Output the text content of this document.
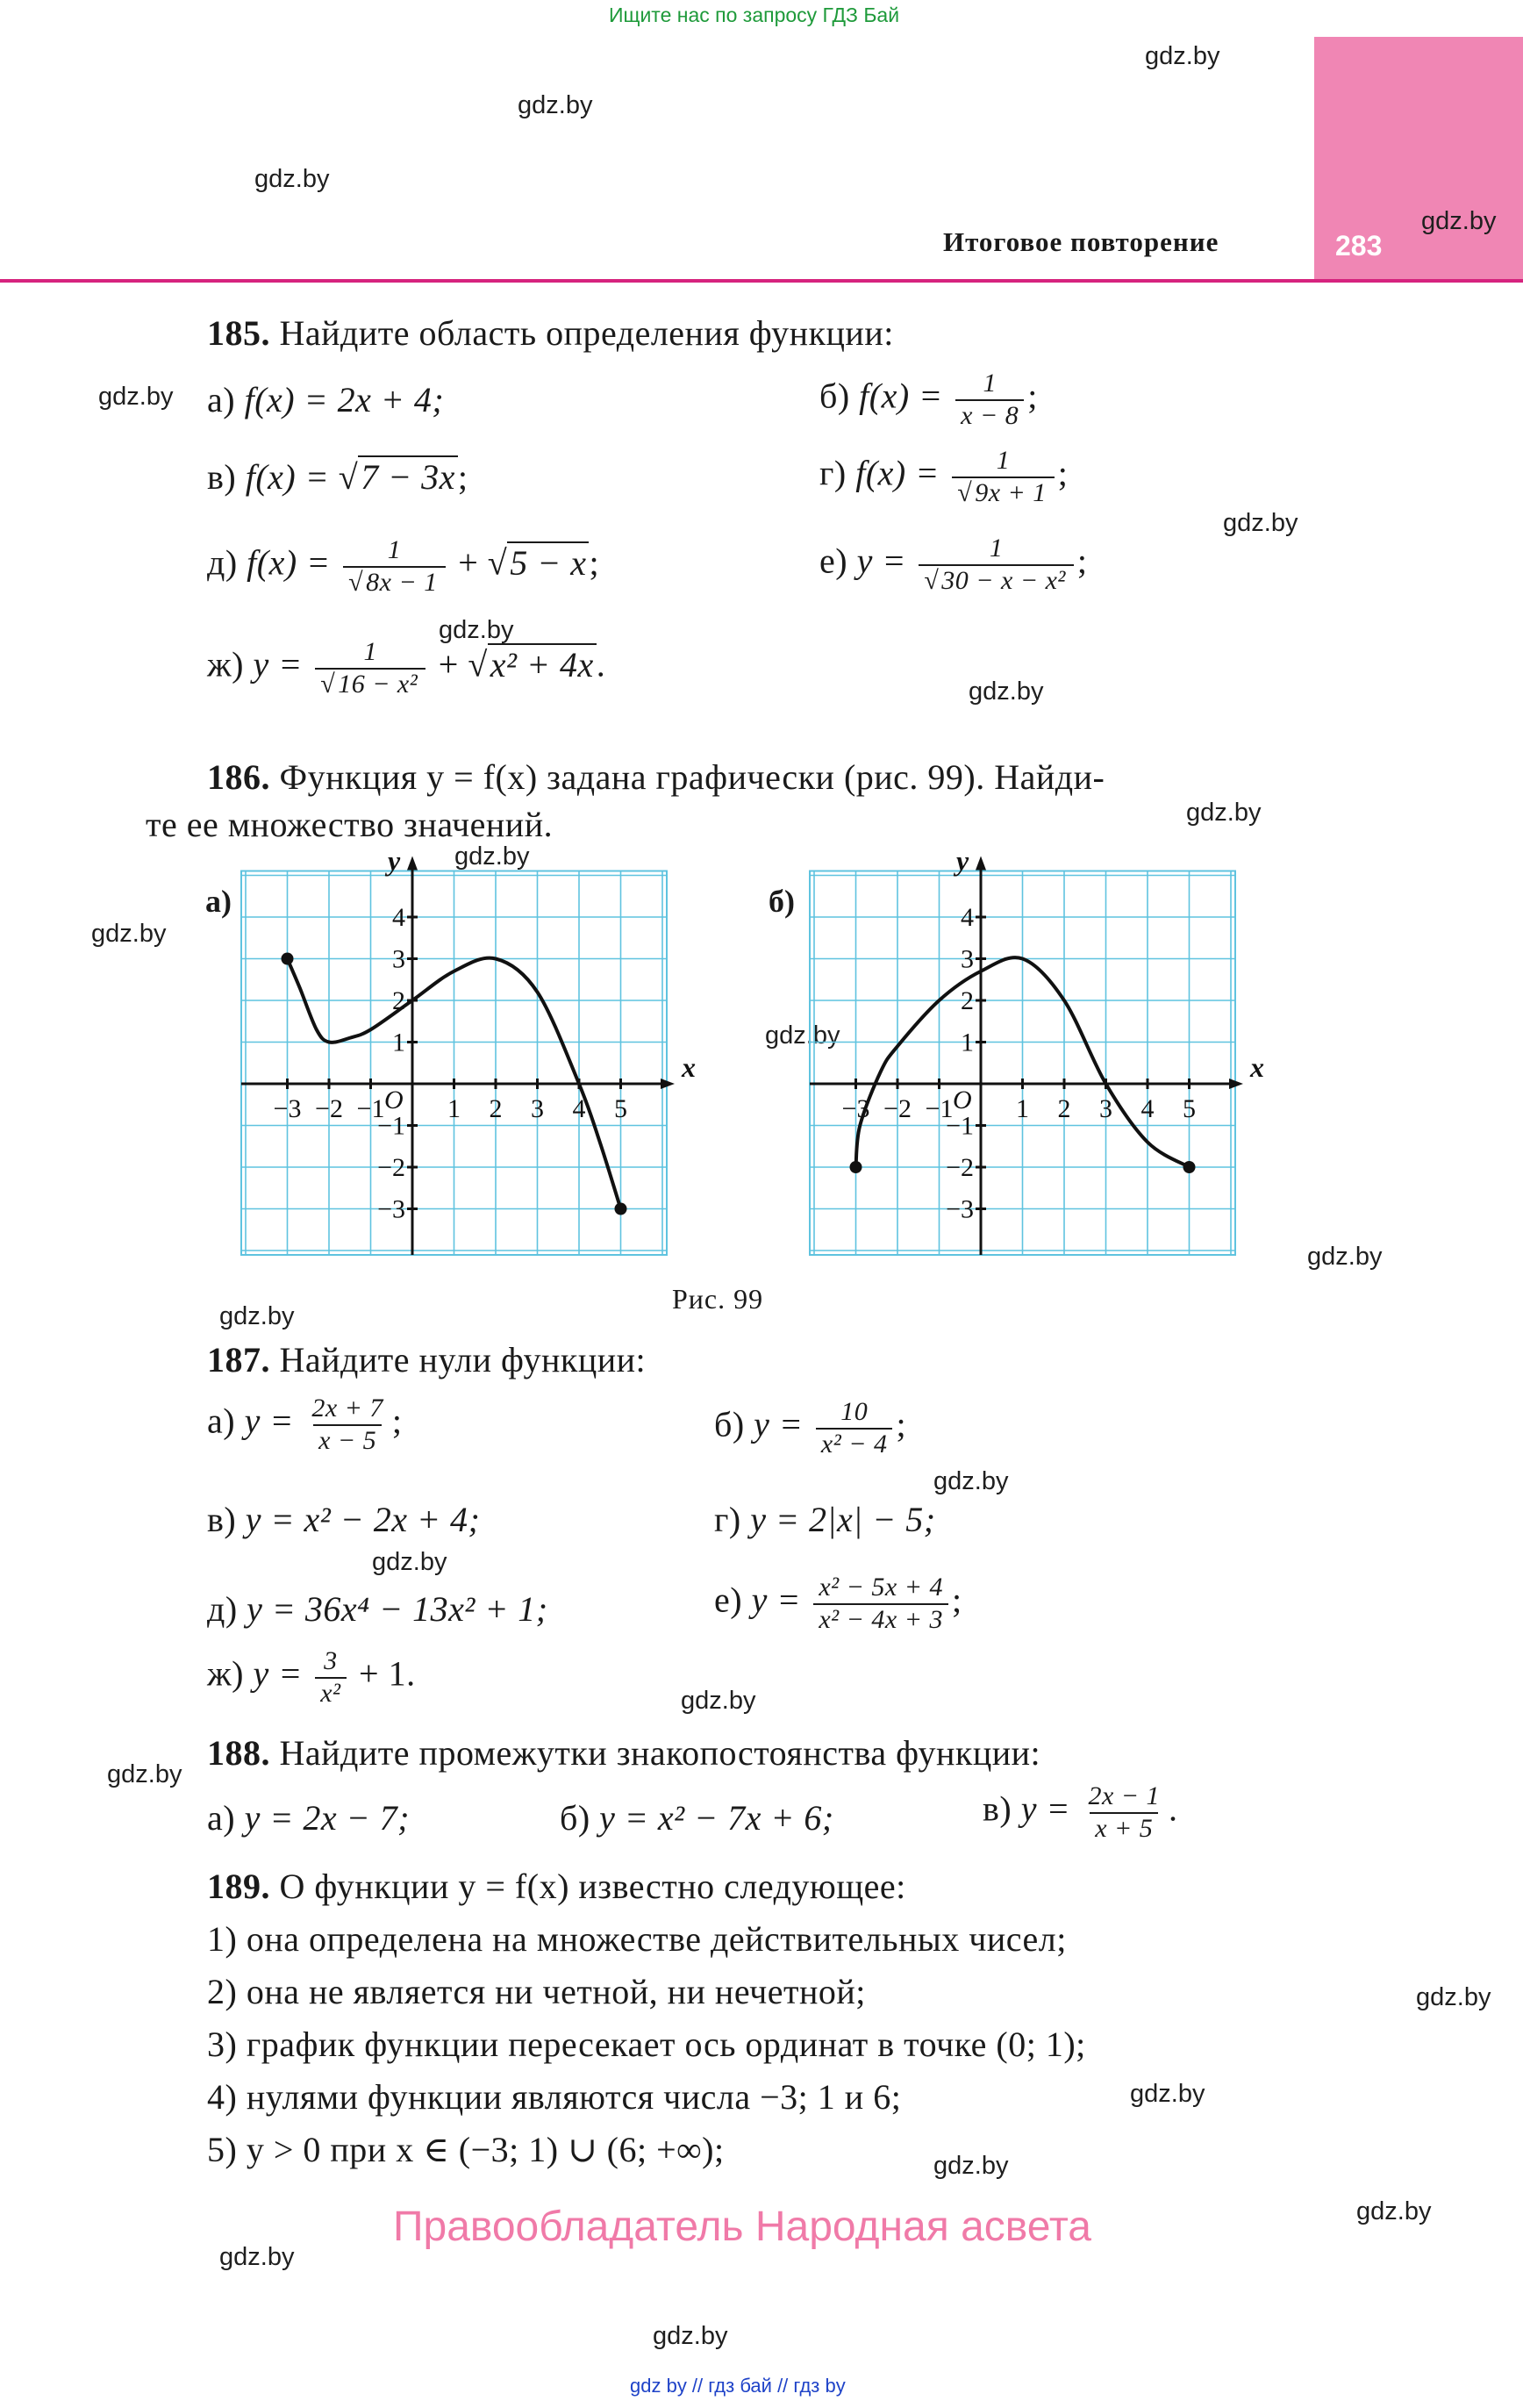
Ищите нас по запросу ГДЗ Бай
283
Итоговое повторение
gdz.by
gdz.by
gdz.by
gdz.by
gdz.by
gdz.by
gdz.by
gdz.by
gdz.by
gdz.by
gdz.by
gdz.by
gdz.by
gdz.by
gdz.by
gdz.by
gdz.by
gdz.by
gdz.by
gdz.by
gdz.by
gdz.by
gdz.by
gdz.by
185. Найдите область определения функции:
а) f(x) = 2x + 4;	б) $f(x) = \frac{1}{x - 8}$ ;
в) f(x) = √7 − 3x;	г) $f(x) = \frac{1}{√ 9x + 1}$ ;
д) $f(x) = \frac{1}{√ 8x - 1} + √5 - x$;	е) $y = \frac{1}{\text{√ 30 − x − x²}}$ ;
ж) $y = \frac{1}{\text{√ 16 − x²}} + √x^2 + 4x$.
186. Функция y = f(x) задана графически (рис. 99). Найди-
те ее множество значений.
а)	б)
−3 −2 −1 1 2 3 4 5
4
3
2
1
−1
−2
−3
O
x
y
−3 −2 −1 1 2 3 4 5
4
3
2
1
−1
−2
−3
O
x
y
Рис. 99
187. Найдите нули функции:
а) $y = \frac{2x + 7}{x - 5}$ ;	б) $y = \frac{10}{\text{x² − 4}}$ ;
в) y = x² − 2x + 4;	г) y = 2|x| − 5;
д) y = 36x⁴ − 13x² + 1;	е) $y = \frac{\text{x² − 5x + 4}}{\text{x² − 4x + 3}}$ ;
ж) $y = \frac{3}{\text{x²}} + 1$.
188. Найдите промежутки знакопостоянства функции:
а) y = 2x − 7;	б) y = x² − 7x + 6;	в) $y = \frac{2x - 1}{x + 5}$ .
189. О функции y = f(x) известно следующее:
1) она определена на множестве действительных чисел;
2) она не является ни четной, ни нечетной;
3) график функции пересекает ось ординат в точке (0; 1);
4) нулями функции являются числа −3; 1 и 6;
5) y > 0 при x ∈ (−3; 1) ∪ (6; +∞);
Правообладатель Народная асвета
gdz by // гдз бай // гдз by
